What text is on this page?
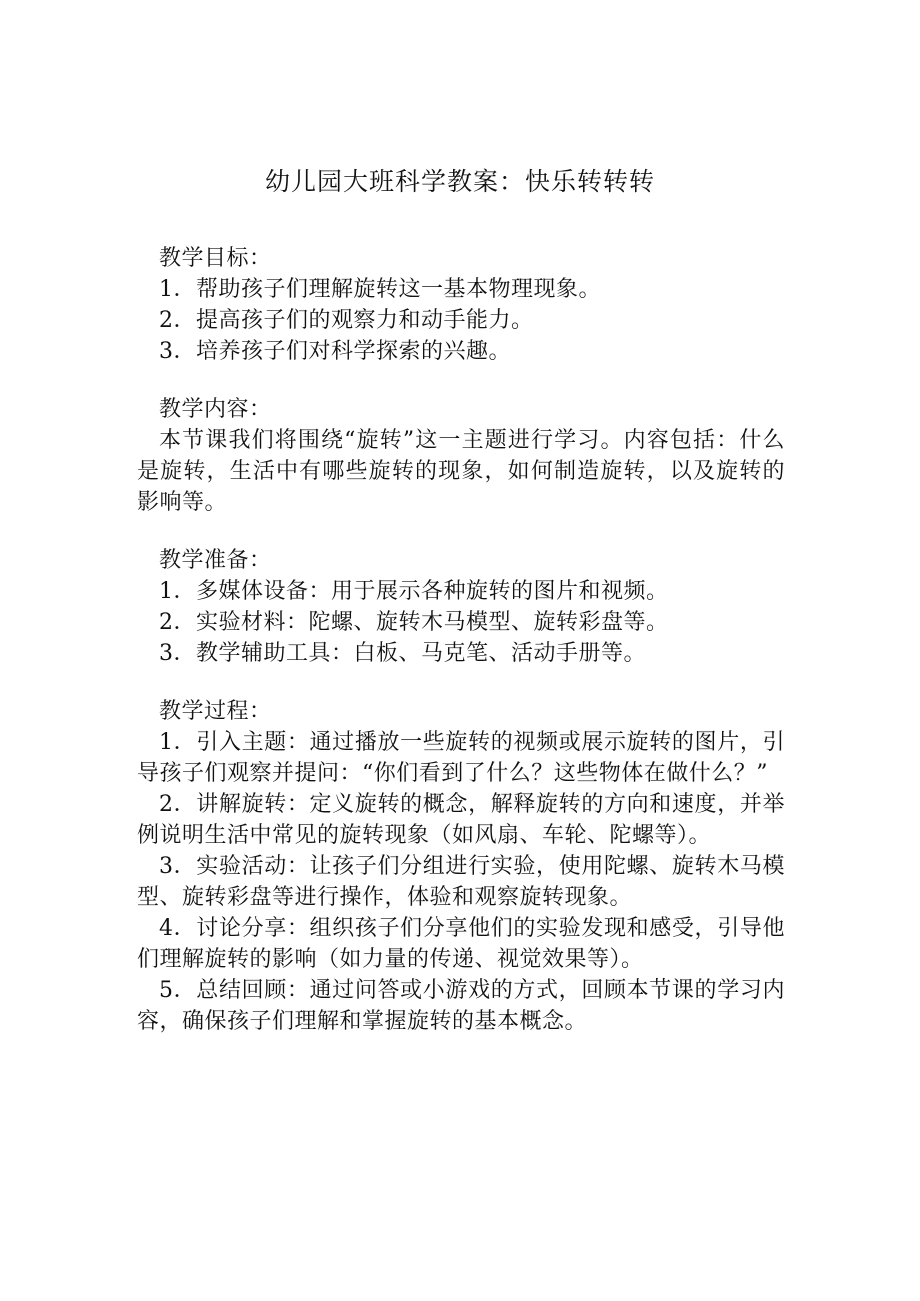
幼儿园大班科学教案：快乐转转转
教学目标：
1．帮助孩子们理解旋转这一基本物理现象。
2．提高孩子们的观察力和动手能力。
3．培养孩子们对科学探索的兴趣。
教学内容：
本节课我们将围绕“旋转”这一主题进行学习。内容包括：什么是旋转，生活中有哪些旋转的现象，如何制造旋转，以及旋转的影响等。
教学准备：
1．多媒体设备：用于展示各种旋转的图片和视频。
2．实验材料：陀螺、旋转木马模型、旋转彩盘等。
3．教学辅助工具：白板、马克笔、活动手册等。
教学过程：
1．引入主题：通过播放一些旋转的视频或展示旋转的图片，引导孩子们观察并提问：“你们看到了什么？这些物体在做什么？”
2．讲解旋转：定义旋转的概念，解释旋转的方向和速度，并举例说明生活中常见的旋转现象（如风扇、车轮、陀螺等）。
3．实验活动：让孩子们分组进行实验，使用陀螺、旋转木马模型、旋转彩盘等进行操作，体验和观察旋转现象。
4．讨论分享：组织孩子们分享他们的实验发现和感受，引导他们理解旋转的影响（如力量的传递、视觉效果等）。
5．总结回顾：通过问答或小游戏的方式，回顾本节课的学习内容，确保孩子们理解和掌握旋转的基本概念。
